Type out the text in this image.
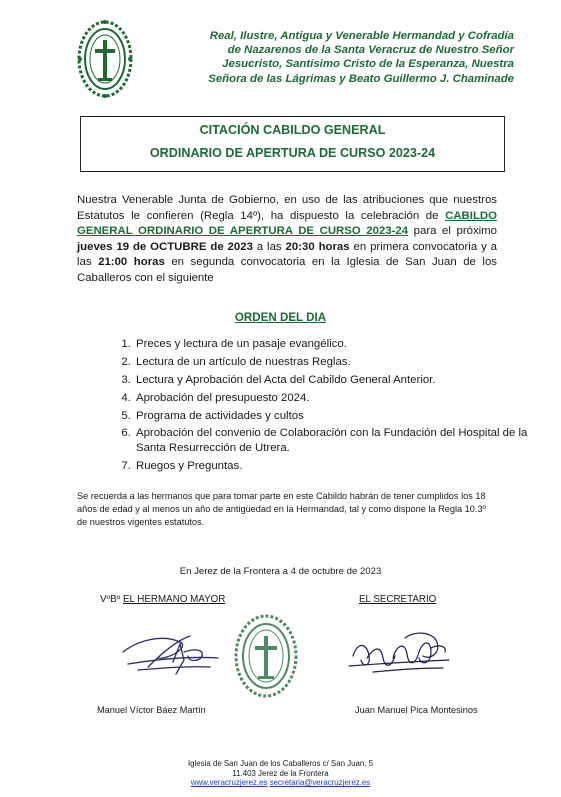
Real, Ilustre, Antigua y Venerable Hermandad y Cofradía
de Nazarenos de la Santa Veracruz de Nuestro Señor
Jesucristo, Santísimo Cristo de la Esperanza, Nuestra
Señora de las Lágrimas y Beato Guillermo J. Chaminade
CITACIÓN CABILDO GENERAL
ORDINARIO DE APERTURA DE CURSO 2023-24
Nuestra Venerable Junta de Gobierno, en uso de las atribuciones que nuestros Estatutos le confieren (Regla 14º), ha dispuesto la celebración de CABILDO GENERAL ORDINARIO DE APERTURA DE CURSO 2023-24 para el próximo jueves 19 de OCTUBRE de 2023 a las 20:30 horas en primera convocatoria y a las 21:00 horas en segunda convocatoria en la Iglesia de San Juan de los Caballeros con el siguiente
ORDEN DEL DIA
1. Preces y lectura de un pasaje evangélico.
2. Lectura de un artículo de nuestras Reglas.
3. Lectura y Aprobación del Acta del Cabildo General Anterior.
4. Aprobación del presupuesto 2024.
5. Programa de actividades y cultos
6. Aprobación del convenio de Colaboración con la Fundación del Hospital de la Santa Resurrección de Utrera.
7. Ruegos y Preguntas.
Se recuerda a las hermanos que para tomar parte en este Cabildo habrán de tener cumplidos los 18 años de edad y al menos un año de antigüedad en la Hermandad, tal y como dispone la Regla 10.3º de nuestros vigentes estatutos.
En Jerez de la Frontera a 4 de octubre de 2023
VºBº EL HERMANO MAYOR	EL SECRETARIO
Manuel Víctor Báez Martín	Juan Manuel Pica Montesinos
Iglesia de San Juan de los Caballeros c/ San Juan, 5
11.403 Jerez de la Frontera
www.veracruzjerez.es secretaria@veracruzjerez.es
